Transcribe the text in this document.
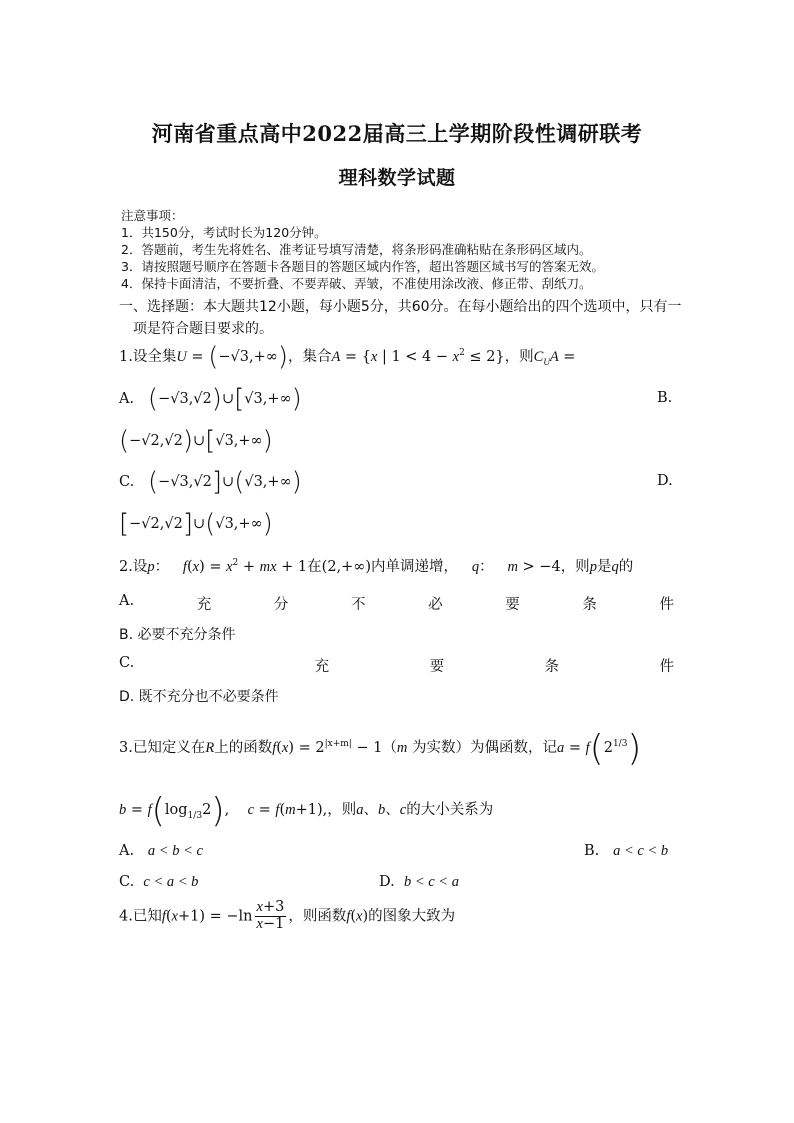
河南省重点高中2022届高三上学期阶段性调研联考
理科数学试题
注意事项：
1．共150分，考试时长为120分钟。
2．答题前，考生先将姓名、准考证号填写清楚，将条形码准确粘贴在条形码区域内。
3．请按照题号顺序在答题卡各题目的答题区域内作答，超出答题区域书写的答案无效。
4．保持卡面清洁，不要折叠、不要弄破、弄皱，不准使用涂改液、修正带、刮纸刀。
一、选择题：本大题共12小题，每小题5分，共60分。在每小题给出的四个选项中，只有一
项是符合题目要求的。
1.设全集U = (−√3,+∞)，集合A = {x | $1 < 4 - x^2 \le 2$}，则$C_UA$ =
A. (−√3,√2)∪[√3,+∞)	B.
(−√2,√2)∪[√3,+∞)
C. (−√3,√2]∪(√3,+∞)	D.
[−√2,√2]∪(√3,+∞)
2.设p： $f(x) = x^2$ + mx + 1在(2,+∞)内单调递增， q： m > −4，则p是q的
A.	充	分	不	必	要	条	件
B. 必要不充分条件
C.	充	要	条	件
D. 既不充分也不必要条件
3.已知定义在R上的函数$f(x) = 2^{|x+m|} - 1(m$ 为实数）为偶函数，记$a = f(2^{1/3})$
$b = f(\log_{1/3}2)$,    c = f(m+1),，则a、b、c的大小关系为
A. a < b < c	B. a < c < b
C. c < a < b	D. b < c < a
4.已知$f(x+1) = -\ln \frac{x+3}{x-1}$ ，则函数f(x)的图象大致为
